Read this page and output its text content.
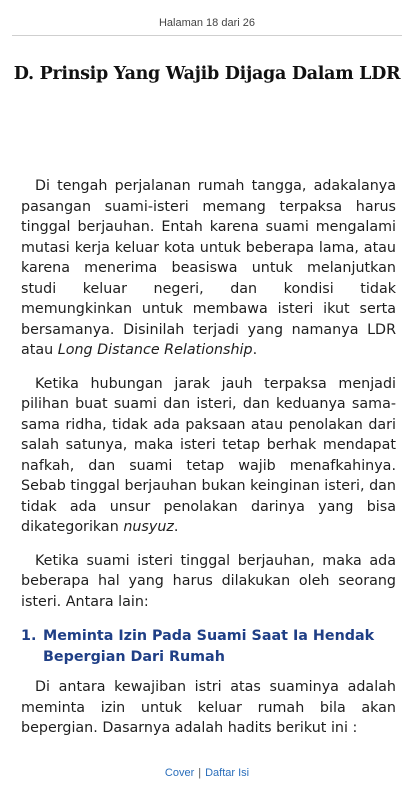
Halaman 18 dari 26
D. Prinsip Yang Wajib Dijaga Dalam LDR

Di tengah perjalanan rumah tangga, adakalanya pasangan suami-isteri memang terpaksa harus tinggal berjauhan. Entah karena suami mengalami mutasi kerja keluar kota untuk beberapa lama, atau karena menerima beasiswa untuk melanjutkan studi keluar negeri, dan kondisi tidak memungkinkan untuk membawa isteri ikut serta bersamanya. Disinilah terjadi yang namanya LDR atau Long Distance Relationship.

Ketika hubungan jarak jauh terpaksa menjadi pilihan buat suami dan isteri, dan keduanya sama-sama ridha, tidak ada paksaan atau penolakan dari salah satunya, maka isteri tetap berhak mendapat nafkah, dan suami tetap wajib menafkahinya. Sebab tinggal berjauhan bukan keinginan isteri, dan tidak ada unsur penolakan darinya yang bisa dikategorikan nusyuz.

Ketika suami isteri tinggal berjauhan, maka ada beberapa hal yang harus dilakukan oleh seorang isteri. Antara lain:

1. Meminta Izin Pada Suami Saat Ia Hendak
Bepergian Dari Rumah

Di antara kewajiban istri atas suaminya adalah meminta izin untuk keluar rumah bila akan bepergian. Dasarnya adalah hadits berikut ini :

Cover | Daftar Isi
